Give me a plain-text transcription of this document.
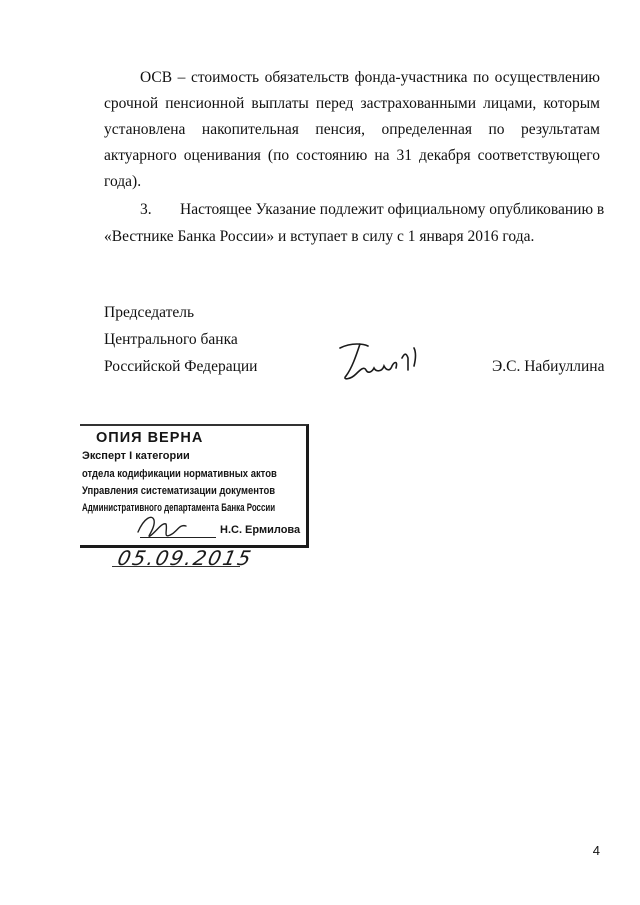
ОСВ – стоимость обязательств фонда-участника по осуществлению
срочной пенсионной выплаты перед застрахованными лицами, которым
установлена накопительная пенсия, определенная по результатам
актуарного оценивания (по состоянию на 31 декабря соответствующего
года).
3. Настоящее Указание подлежит официальному опубликованию в
«Вестнике Банка России» и вступает в силу с 1 января 2016 года.
Председатель
Центрального банка
Российской Федерации	Э.С. Набиуллина
ОПИЯ ВЕРНА
Эксперт I категории
отдела кодификации нормативных актов
Управления систематизации документов
Административного департамента Банка России
Н.С. Ермилова
05.09.2015
4
